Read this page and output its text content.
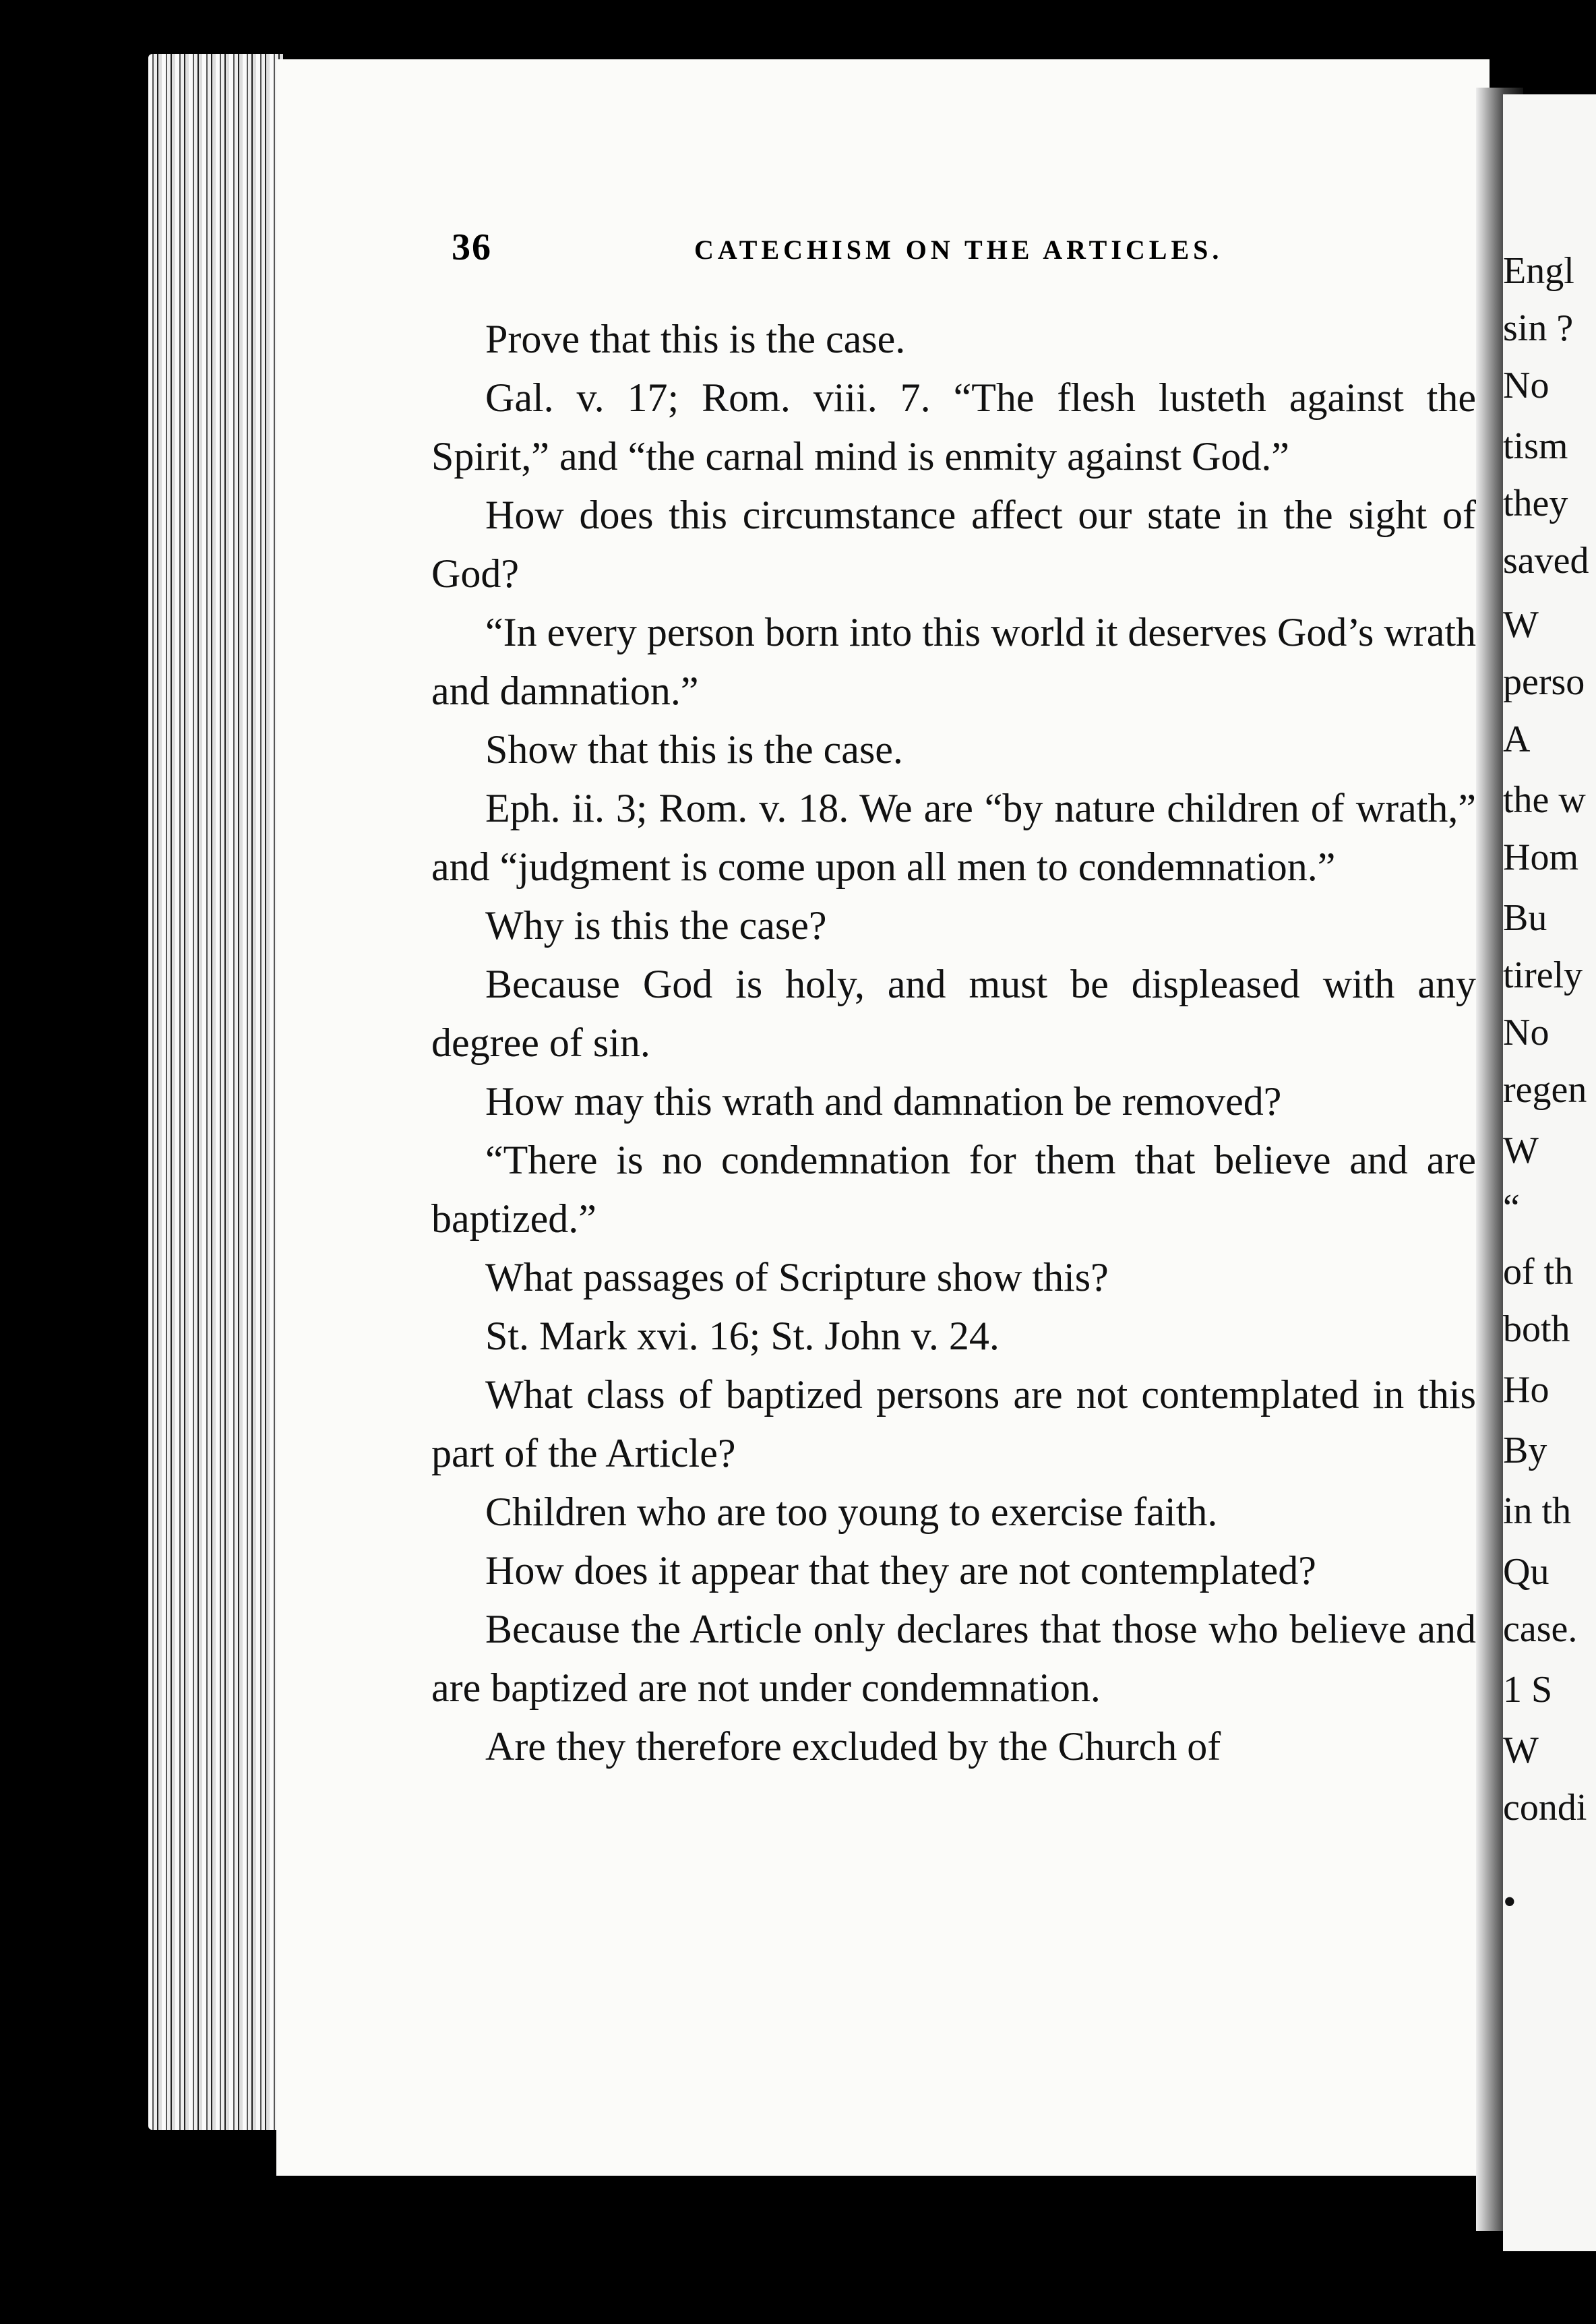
Engl
sin ?
No
tism
they
saved
W
perso
A
the w
Hom
Bu
tirely
No
regen
W
“
of th
both
Ho
By
in th
Qu
case.
1 S
W
condi
•
36	CATECHISM ON THE ARTICLES.

Prove that this is the case.

Gal. v. 17; Rom. viii. 7. “The flesh lusteth against the Spirit,” and “the carnal mind is enmity against God.”

How does this circumstance affect our state in the sight of God?

“In every person born into this world it deserves God’s wrath and damnation.”

Show that this is the case.

Eph. ii. 3; Rom. v. 18. We are “by nature children of wrath,” and “judgment is come upon all men to condemnation.”

Why is this the case?

Because God is holy, and must be displeased with any degree of sin.

How may this wrath and damnation be removed?

“There is no condemnation for them that believe and are baptized.”

What passages of Scripture show this?

St. Mark xvi. 16; St. John v. 24.

What class of baptized persons are not contemplated in this part of the Article?

Children who are too young to exercise faith.

How does it appear that they are not contemplated?

Because the Article only declares that those who believe and are baptized are not under condemnation.

Are they therefore excluded by the Church of
